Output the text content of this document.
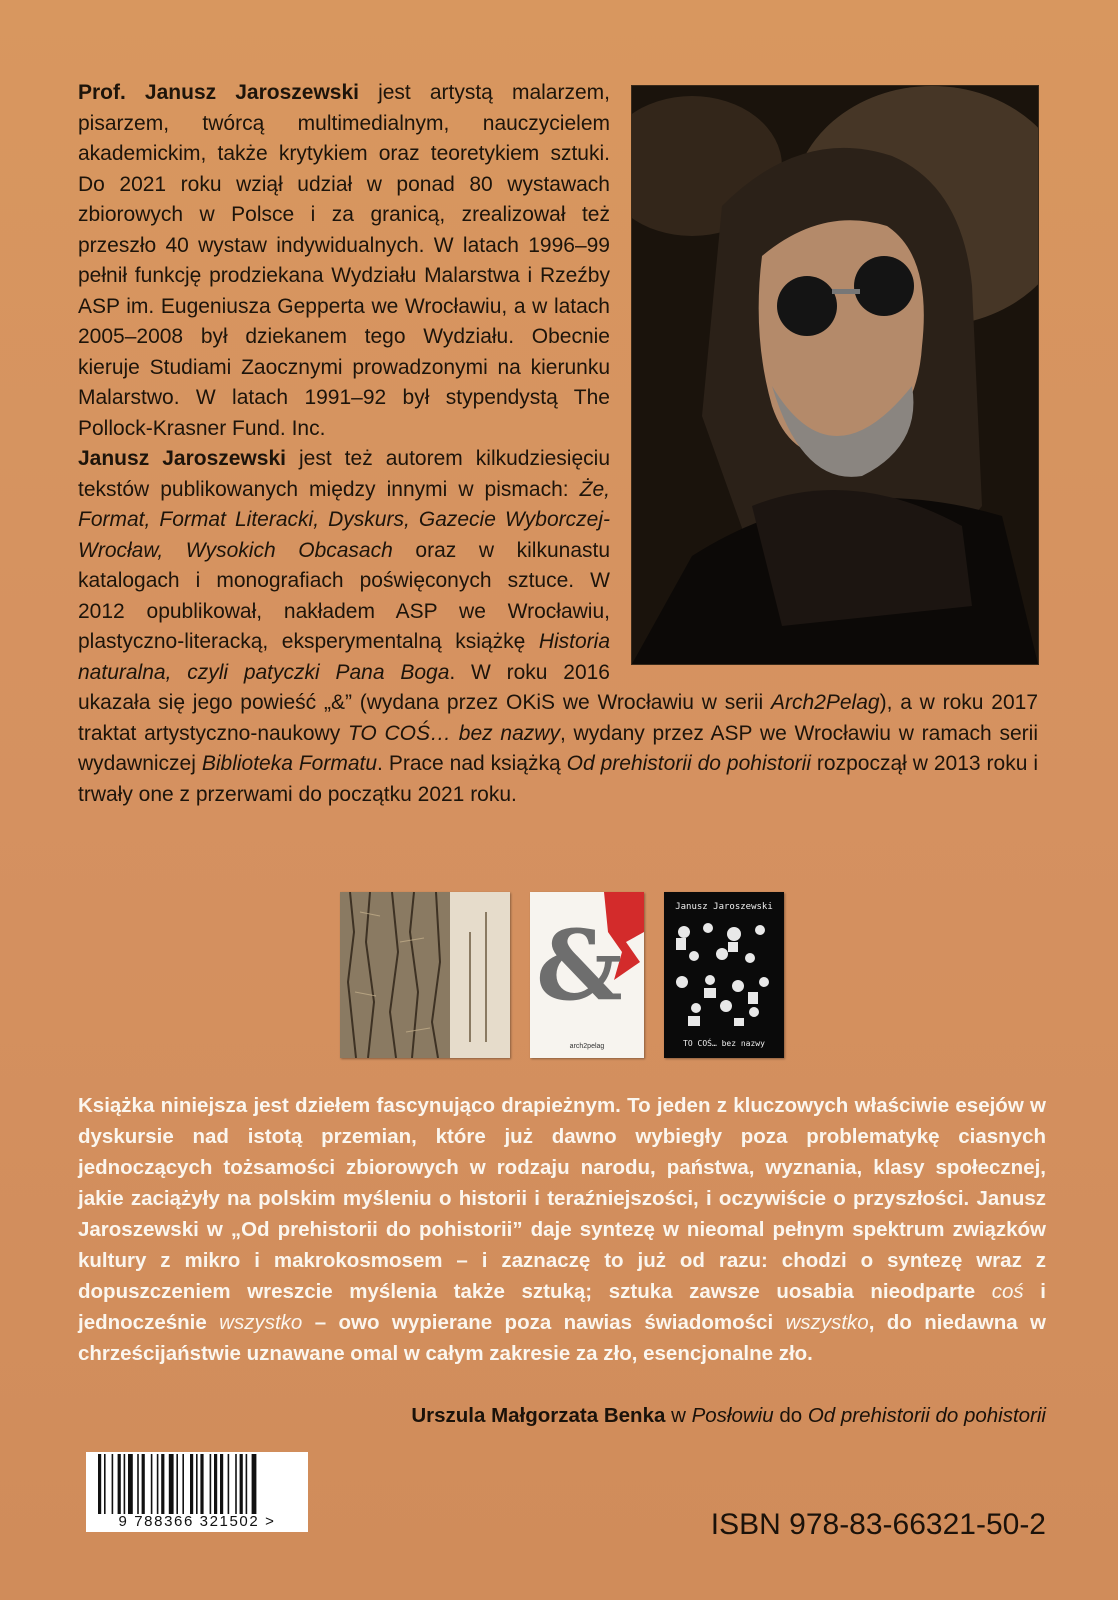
Prof. Janusz Jaroszewski jest artystą malarzem, pisarzem, twórcą multimedialnym, nauczycielem akademickim, także krytykiem oraz teoretykiem sztuki. Do 2021 roku wziął udział w ponad 80 wystawach zbiorowych w Polsce i za granicą, zrealizował też przeszło 40 wystaw indywidualnych. W latach 1996–99 pełnił funkcję prodziekana Wydziału Malarstwa i Rzeźby ASP im. Eugeniusza Gepperta we Wrocławiu, a w latach 2005–2008 był dziekanem tego Wydziału. Obecnie kieruje Studiami Zaocznymi prowadzonymi na kierunku Malarstwo. W latach 1991–92 był stypendystą The Pollock-Krasner Fund. Inc.
Janusz Jaroszewski jest też autorem kilkudziesięciu tekstów publikowanych między innymi w pismach: Że, Format, Format Literacki, Dyskurs, Gazecie Wyborczej-Wrocław, Wysokich Obcasach oraz w kilkunastu katalogach i monografiach poświęconych sztuce. W 2012 opublikował, nakładem ASP we Wrocławiu, plastyczno-literacką, eksperymentalną książkę Historia naturalna, czyli patyczki Pana Boga. W roku 2016 ukazała się jego powieść „&” (wydana przez OKiS we Wrocławiu w serii Arch2Pelag), a w roku 2017 traktat artystyczno-naukowy TO COŚ… bez nazwy, wydany przez ASP we Wrocławiu w ramach serii wydawniczej Biblioteka Formatu. Prace nad książką Od prehistorii do pohistorii rozpoczął w 2013 roku i trwały one z przerwami do początku 2021 roku.
&
arch2pelag
Janusz Jaroszewski
TO COŚ… bez nazwy
Książka niniejsza jest dziełem fascynująco drapieżnym. To jeden z kluczowych właściwie esejów w dyskursie nad istotą przemian, które już dawno wybiegły poza problematykę ciasnych jednoczących tożsamości zbiorowych w rodzaju narodu, państwa, wyznania, klasy społecznej, jakie zaciążyły na polskim myśleniu o historii i teraźniejszości, i oczywiście o przyszłości. Janusz Jaroszewski w „Od prehistorii do pohistorii” daje syntezę w nieomal pełnym spektrum związków kultury z mikro i makrokosmosem – i zaznaczę to już od razu: chodzi o syntezę wraz z dopuszczeniem wreszcie myślenia także sztuką; sztuka zawsze uosabia nieodparte coś i jednocześnie wszystko – owo wypierane poza nawias świadomości wszystko, do niedawna w chrześcijaństwie uznawane omal w całym zakresie za zło, esencjonalne zło.
Urszula Małgorzata Benka w Posłowiu do Od prehistorii do pohistorii
9 788366 321502 >	ISBN 978-83-66321-50-2
